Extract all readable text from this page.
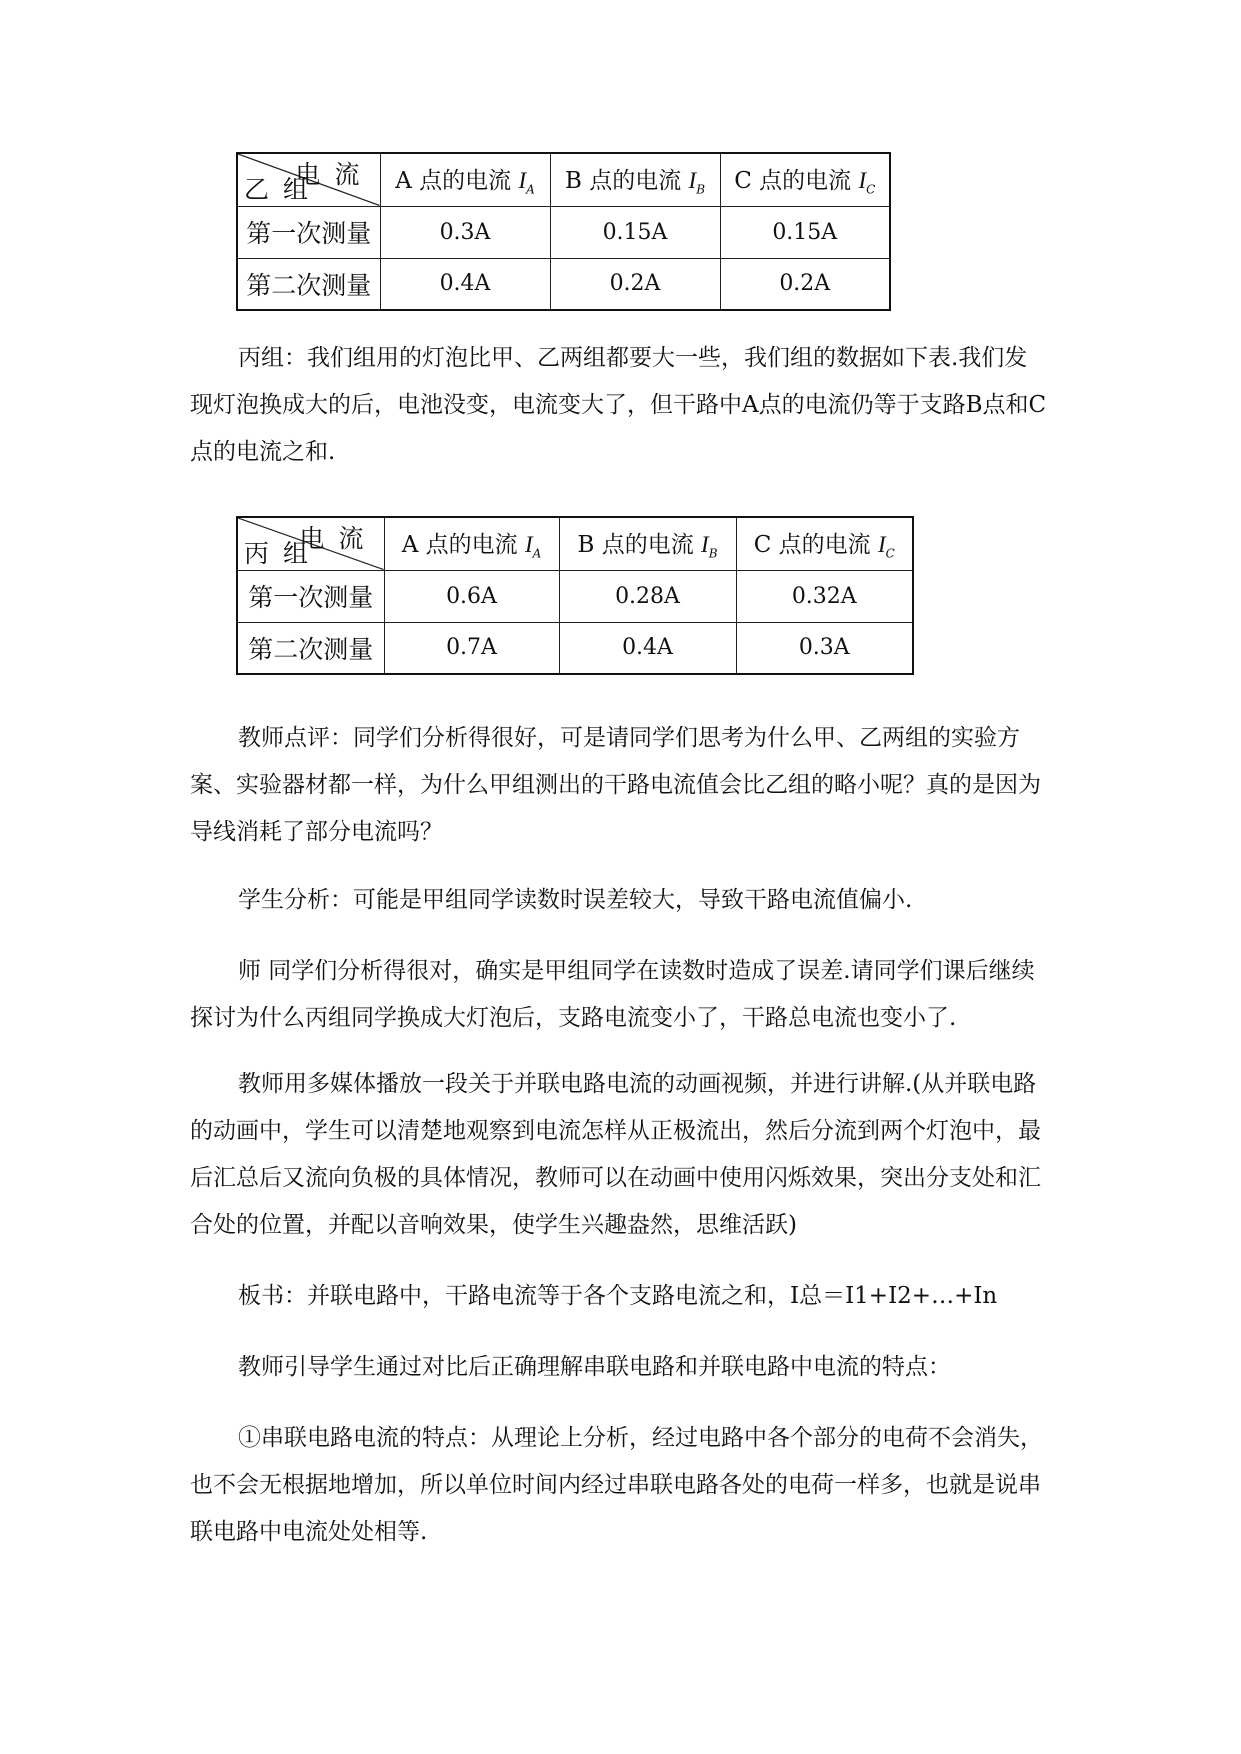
电流
乙组	A 点的电流 $I_A$	B 点的电流 $I_B$	C 点的电流 $I_C$
第一次测量	0.3A	0.15A	0.15A
第二次测量	0.4A	0.2A	0.2A

丙组：我们组用的灯泡比甲、乙两组都要大一些，我们组的数据如下表.我们发现灯泡换成大的后，电池没变，电流变大了，但干路中A点的电流仍等于支路B点和C点的电流之和.

电流
丙组	A 点的电流 $I_A$	B 点的电流 $I_B$	C 点的电流 $I_C$
第一次测量	0.6A	0.28A	0.32A
第二次测量	0.7A	0.4A	0.3A

教师点评：同学们分析得很好，可是请同学们思考为什么甲、乙两组的实验方案、实验器材都一样，为什么甲组测出的干路电流值会比乙组的略小呢？真的是因为导线消耗了部分电流吗？

学生分析：可能是甲组同学读数时误差较大，导致干路电流值偏小.

师 同学们分析得很对，确实是甲组同学在读数时造成了误差.请同学们课后继续探讨为什么丙组同学换成大灯泡后，支路电流变小了，干路总电流也变小了.

教师用多媒体播放一段关于并联电路电流的动画视频，并进行讲解.(从并联电路的动画中，学生可以清楚地观察到电流怎样从正极流出，然后分流到两个灯泡中，最后汇总后又流向负极的具体情况，教师可以在动画中使用闪烁效果，突出分支处和汇合处的位置，并配以音响效果，使学生兴趣盎然，思维活跃)

板书：并联电路中，干路电流等于各个支路电流之和，I总＝I1+I2+…+In

教师引导学生通过对比后正确理解串联电路和并联电路中电流的特点：

①串联电路电流的特点：从理论上分析，经过电路中各个部分的电荷不会消失，也不会无根据地增加，所以单位时间内经过串联电路各处的电荷一样多，也就是说串联电路中电流处处相等.
